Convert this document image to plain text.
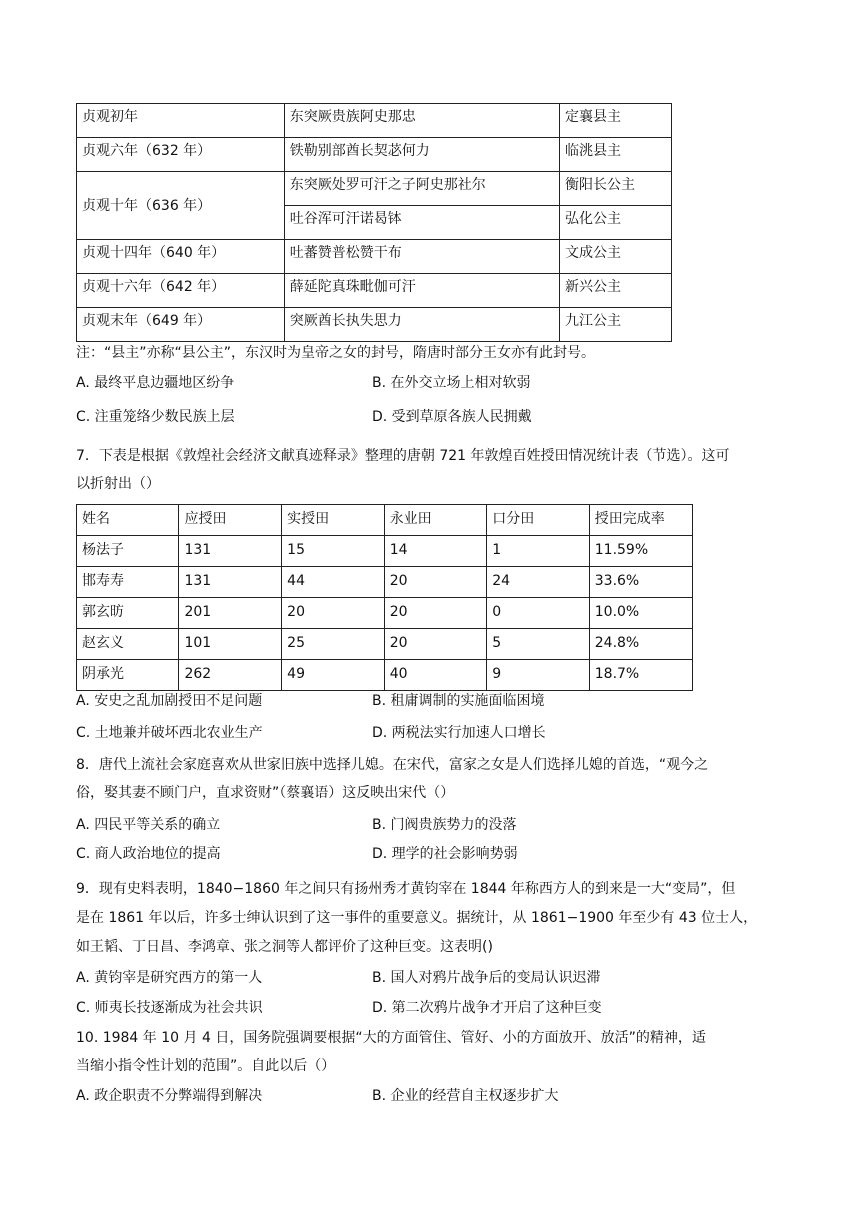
贞观初年	东突厥贵族阿史那忠	定襄县主
贞观六年（632 年）	铁勒别部酋长契苾何力	临洮县主
贞观十年（636 年）	东突厥处罗可汗之子阿史那社尔	衡阳长公主
	吐谷浑可汗诺曷钵	弘化公主
贞观十四年（640 年）	吐蕃赞普松赞干布	文成公主
贞观十六年（642 年）	薛延陀真珠毗伽可汗	新兴公主
贞观末年（649 年）	突厥酋长执失思力	九江公主
注：“县主”亦称“县公主”，东汉时为皇帝之女的封号，隋唐时部分王女亦有此封号。
A. 最终平息边疆地区纷争	B. 在外交立场上相对软弱
C. 注重笼络少数民族上层	D. 受到草原各族人民拥戴
7．下表是根据《敦煌社会经济文献真迹释录》整理的唐朝 721 年敦煌百姓授田情况统计表（节选）。这可
以折射出（）
姓名	应授田	实授田	永业田	口分田	授田完成率
杨法子	131	15	14	1	11.59%
邯寿寿	131	44	20	24	33.6%
郭玄昉	201	20	20	0	10.0%
赵玄义	101	25	20	5	24.8%
阴承光	262	49	40	9	18.7%
A. 安史之乱加剧授田不足问题	B. 租庸调制的实施面临困境
C. 土地兼并破坏西北农业生产	D. 两税法实行加速人口增长
8．唐代上流社会家庭喜欢从世家旧族中选择儿媳。在宋代，富家之女是人们选择儿媳的首选，“观今之
俗，娶其妻不顾门户，直求资财”（蔡襄语）这反映出宋代（）
A. 四民平等关系的确立	B. 门阀贵族势力的没落
C. 商人政治地位的提高	D. 理学的社会影响势弱
9．现有史料表明，1840−1860 年之间只有扬州秀才黄钧宰在 1844 年称西方人的到来是一大“变局”，但
是在 1861 年以后，许多士绅认识到了这一事件的重要意义。据统计，从 1861−1900 年至少有 43 位士人，
如王韬、丁日昌、李鸿章、张之洞等人都评价了这种巨变。这表明()
A. 黄钧宰是研究西方的第一人	B. 国人对鸦片战争后的变局认识迟滞
C. 师夷长技逐渐成为社会共识	D. 第二次鸦片战争才开启了这种巨变
10. 1984 年 10 月 4 日，国务院强调要根据“大的方面管住、管好、小的方面放开、放活”的精神，适
当缩小指令性计划的范围”。自此以后（）
A. 政企职责不分弊端得到解决	B. 企业的经营自主权逐步扩大
